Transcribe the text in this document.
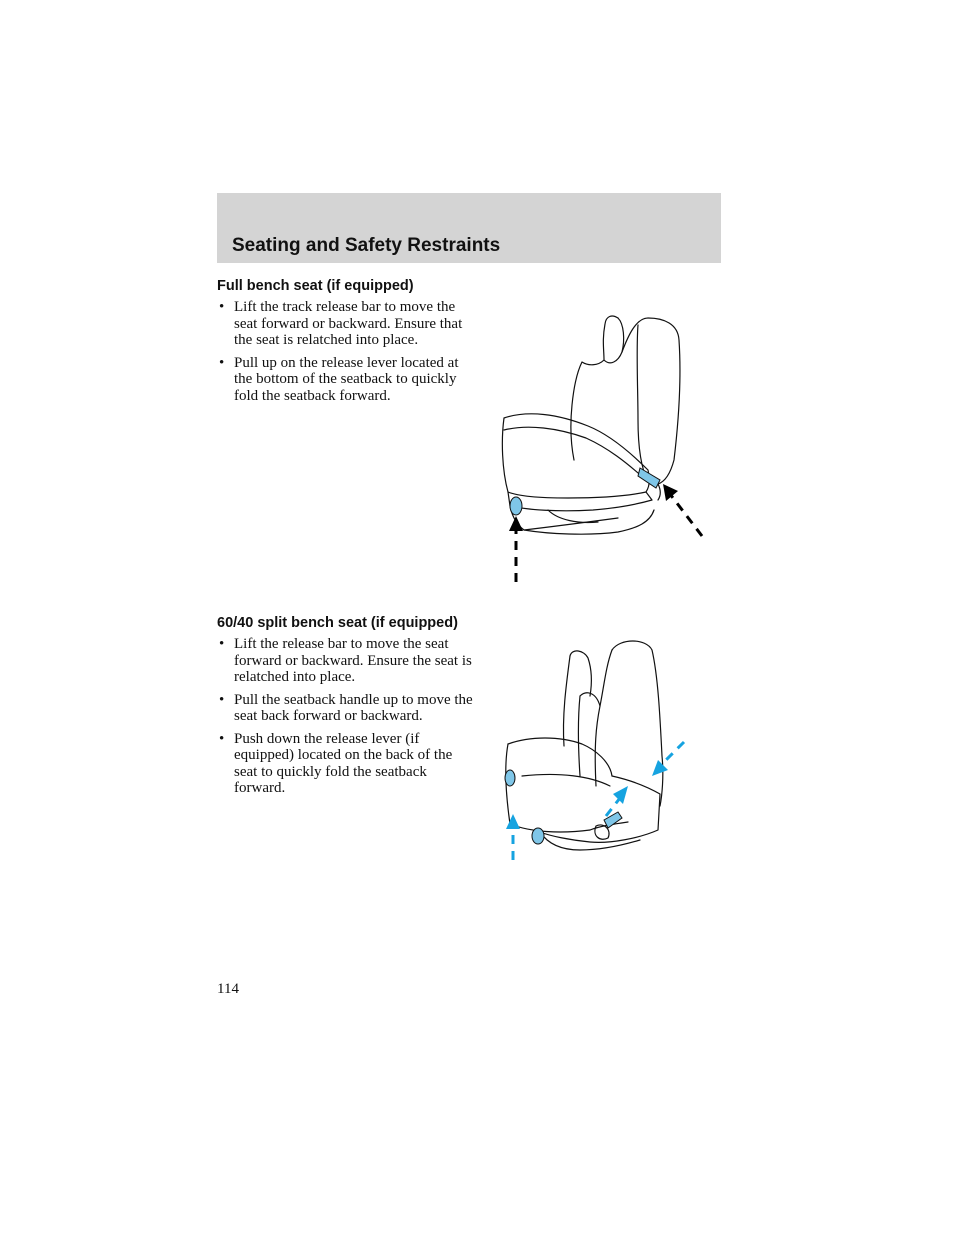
Seating and Safety Restraints
Full bench seat (if equipped)
• Lift the track release bar to move the seat forward or backward. Ensure that the seat is relatched into place.
• Pull up on the release lever located at the bottom of the seatback to quickly fold the seatback forward.
60/40 split bench seat (if equipped)
• Lift the release bar to move the seat forward or backward. Ensure the seat is relatched into place.
• Pull the seatback handle up to move the seat back forward or backward.
• Push down the release lever (if equipped) located on the back of the seat to quickly fold the seatback forward.
114
